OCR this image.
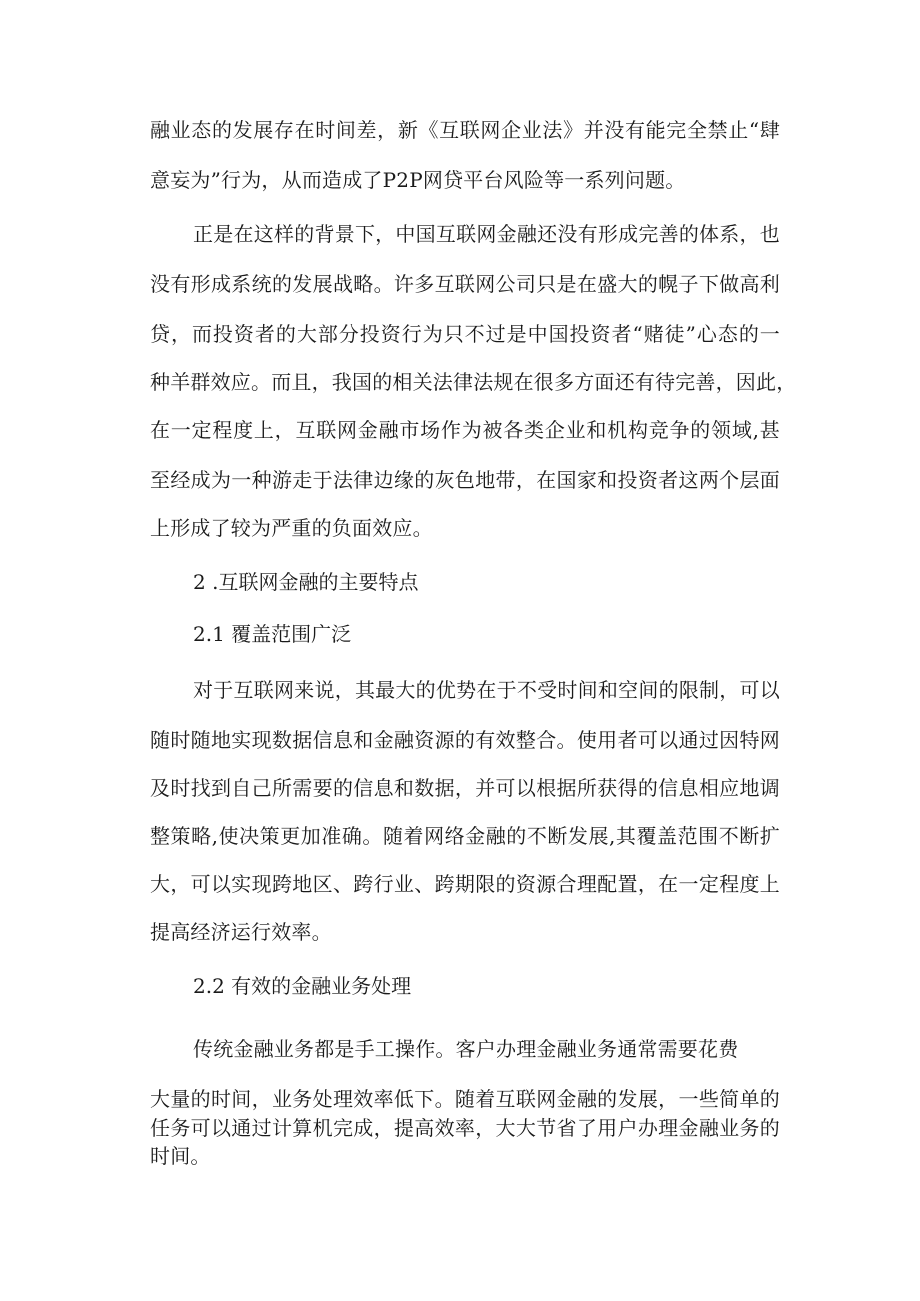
融业态的发展存在时间差，新《互联网企业法》并没有能完全禁止“肆
意妄为”行为，从而造成了P2P网贷平台风险等一系列问题。
正是在这样的背景下，中国互联网金融还没有形成完善的体系，也
没有形成系统的发展战略。许多互联网公司只是在盛大的幌子下做高利
贷，而投资者的大部分投资行为只不过是中国投资者“赌徒”心态的一
种羊群效应。而且，我国的相关法律法规在很多方面还有待完善，因此，
在一定程度上，互联网金融市场作为被各类企业和机构竞争的领域,甚
至经成为一种游走于法律边缘的灰色地带，在国家和投资者这两个层面
上形成了较为严重的负面效应。
2 .互联网金融的主要特点
2.1 覆盖范围广泛
对于互联网来说，其最大的优势在于不受时间和空间的限制，可以
随时随地实现数据信息和金融资源的有效整合。使用者可以通过因特网
及时找到自己所需要的信息和数据，并可以根据所获得的信息相应地调
整策略,使决策更加准确。随着网络金融的不断发展,其覆盖范围不断扩
大，可以实现跨地区、跨行业、跨期限的资源合理配置，在一定程度上
提高经济运行效率。
2.2 有效的金融业务处理
传统金融业务都是手工操作。客户办理金融业务通常需要花费
大量的时间，业务处理效率低下。随着互联网金融的发展，一些简单的
任务可以通过计算机完成，提高效率，大大节省了用户办理金融业务的
时间。
